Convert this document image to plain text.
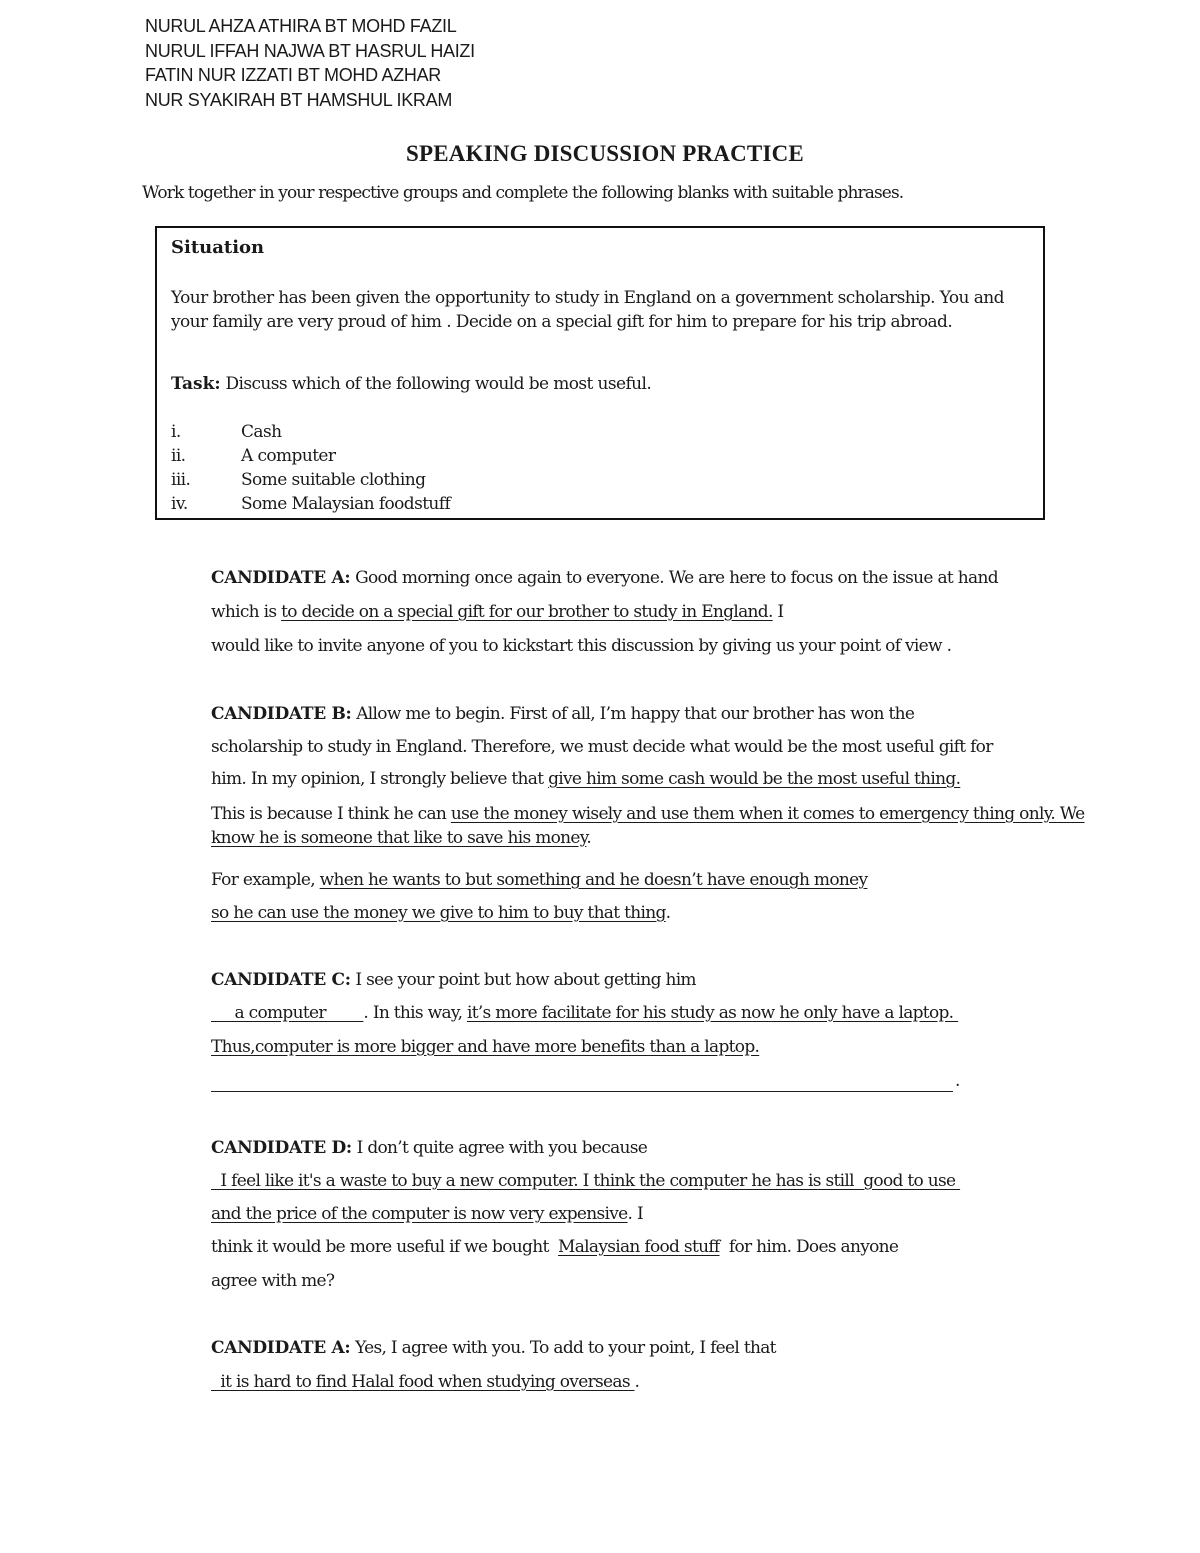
NURUL AHZA ATHIRA BT MOHD FAZIL
NURUL IFFAH NAJWA BT HASRUL HAIZI
FATIN NUR IZZATI BT MOHD AZHAR
NUR SYAKIRAH BT HAMSHUL IKRAM
SPEAKING DISCUSSION PRACTICE
Work together in your respective groups and complete the following blanks with suitable phrases.
Situation

Your brother has been given the opportunity to study in England on a government scholarship. You and your family are very proud of him . Decide on a special gift for him to prepare for his trip abroad.

Task: Discuss which of the following would be most useful.
i.	Cash
ii.	A computer
iii.	Some suitable clothing
iv.	Some Malaysian foodstuff
CANDIDATE A: Good morning once again to everyone. We are here to focus on the issue at hand
which is to decide on a special gift for our brother to study in England. I
would like to invite anyone of you to kickstart this discussion by giving us your point of view .
CANDIDATE B: Allow me to begin. First of all, I’m happy that our brother has won the
scholarship to study in England. Therefore, we must decide what would be the most useful gift for
him. In my opinion, I strongly believe that give him some cash would be the most useful thing.
This is because I think he can use the money wisely and use them when it comes to emergency thing only. We
know he is someone that like to save his money.
For example, when he wants to but something and he doesn’t have enough money
so he can use the money we give to him to buy that thing.
CANDIDATE C: I see your point but how about getting him
a computer        . In this way, it’s more facilitate for his study as now he only have a laptop.
Thus,computer is more bigger and have more benefits than a laptop.
.
CANDIDATE D: I don’t quite agree with you because
I feel like it's a waste to buy a new computer. I think the computer he has is still  good to use
and the price of the computer is now very expensive. I
think it would be more useful if we bought  Malaysian food stuff  for him. Does anyone
agree with me?
CANDIDATE A: Yes, I agree with you. To add to your point, I feel that
it is hard to find Halal food when studying overseas .
